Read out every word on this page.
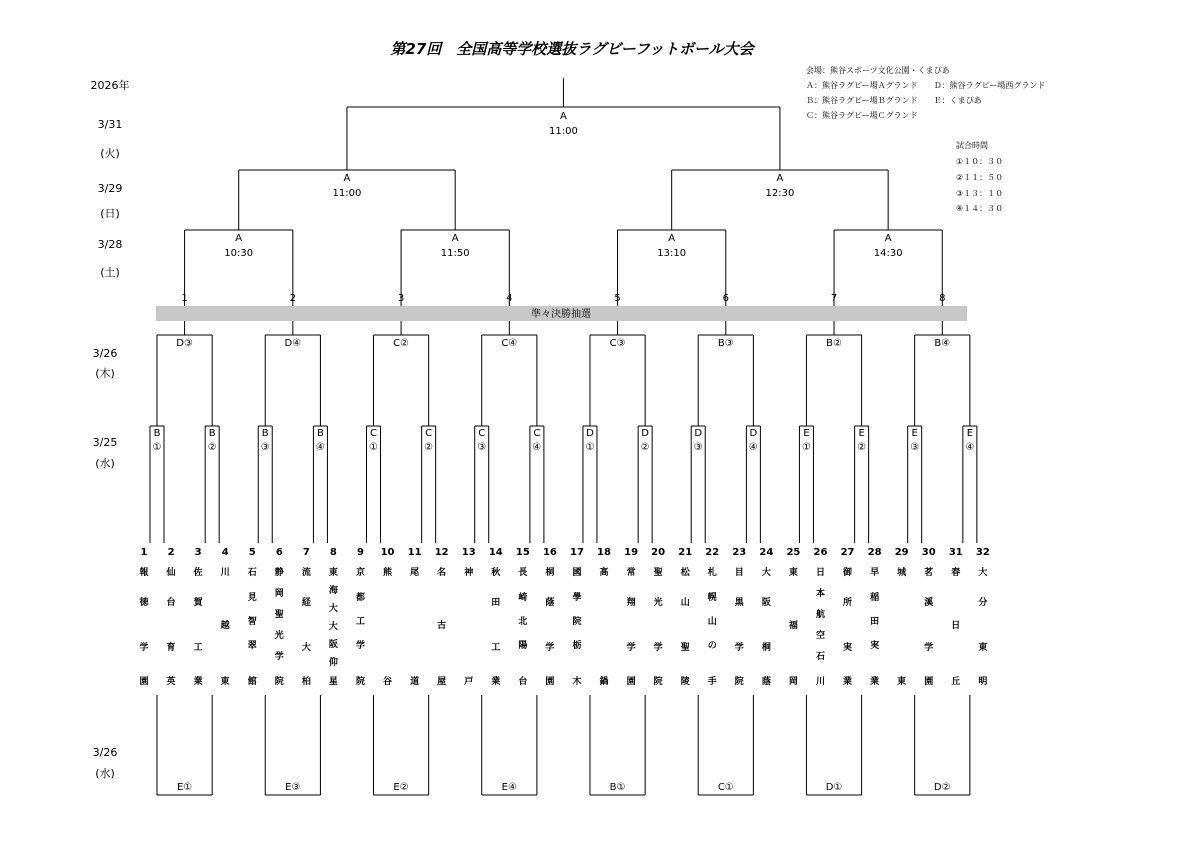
第27回　全国高等学校選抜ラグビーフットボール大会
2026年
会場：熊谷スポーツ文化公園・くまぴあ
Ａ：熊谷ラグビー場Ａグランド　　Ｄ：熊谷ラグビー場西グランド
Ｂ：熊谷ラグビー場Ｂグランド　　Ｅ：くまぴあ
Ｃ：熊谷ラグビー場Ｃグランド
試合時間
①１０：３０
②１１：５０
③１３：１０
④１４：３０
3/31
(火)
3/29
(日)
3/28
(土)
3/26
(木)
3/25
(水)
3/26
(水)
準々決勝抽選
B
①
B
②
B
③
B
④
C
①
C
②
C
③
C
④
D
①
D
②
D
③
D
④
E
①
E
②
E
③
E
④
D③	D④	C②	C④	C③	B③	B②	B④
1	2	3	4	5	6	7	8
A
10:30
A
11:50
A
13:10
A
14:30
A
11:00
A
12:30
A
11:00
1
報
徳
学
園
2
仙
台
育
英
3
佐
賀
工
業
4
川
越
東
5
石
見
智
翠
館
6
静
岡
聖
光
学
院
7
流
経
大
柏
8
東
海
大
大
阪
仰
星
9
京
都
工
学
院
10
熊
谷
11
尾
道
12
名
古
屋
13
神
戸
14
秋
田
工
業
15
長
崎
北
陽
台
16
桐
蔭
学
園
17
國
學
院
栃
木
18
高
鍋
19
常
翔
学
園
20
聖
光
学
院
21
松
山
聖
陵
22
札
幌
山
の
手
23
目
黒
学
院
24
大
阪
桐
蔭
25
東
福
岡
26
日
本
航
空
石
川
27
御
所
実
業
28
早
稲
田
実
業
29
城
東
30
茗
溪
学
園
31
春
日
丘
32
大
分
東
明
E①	E③	E②	E④	B①	C①	D①	D②
